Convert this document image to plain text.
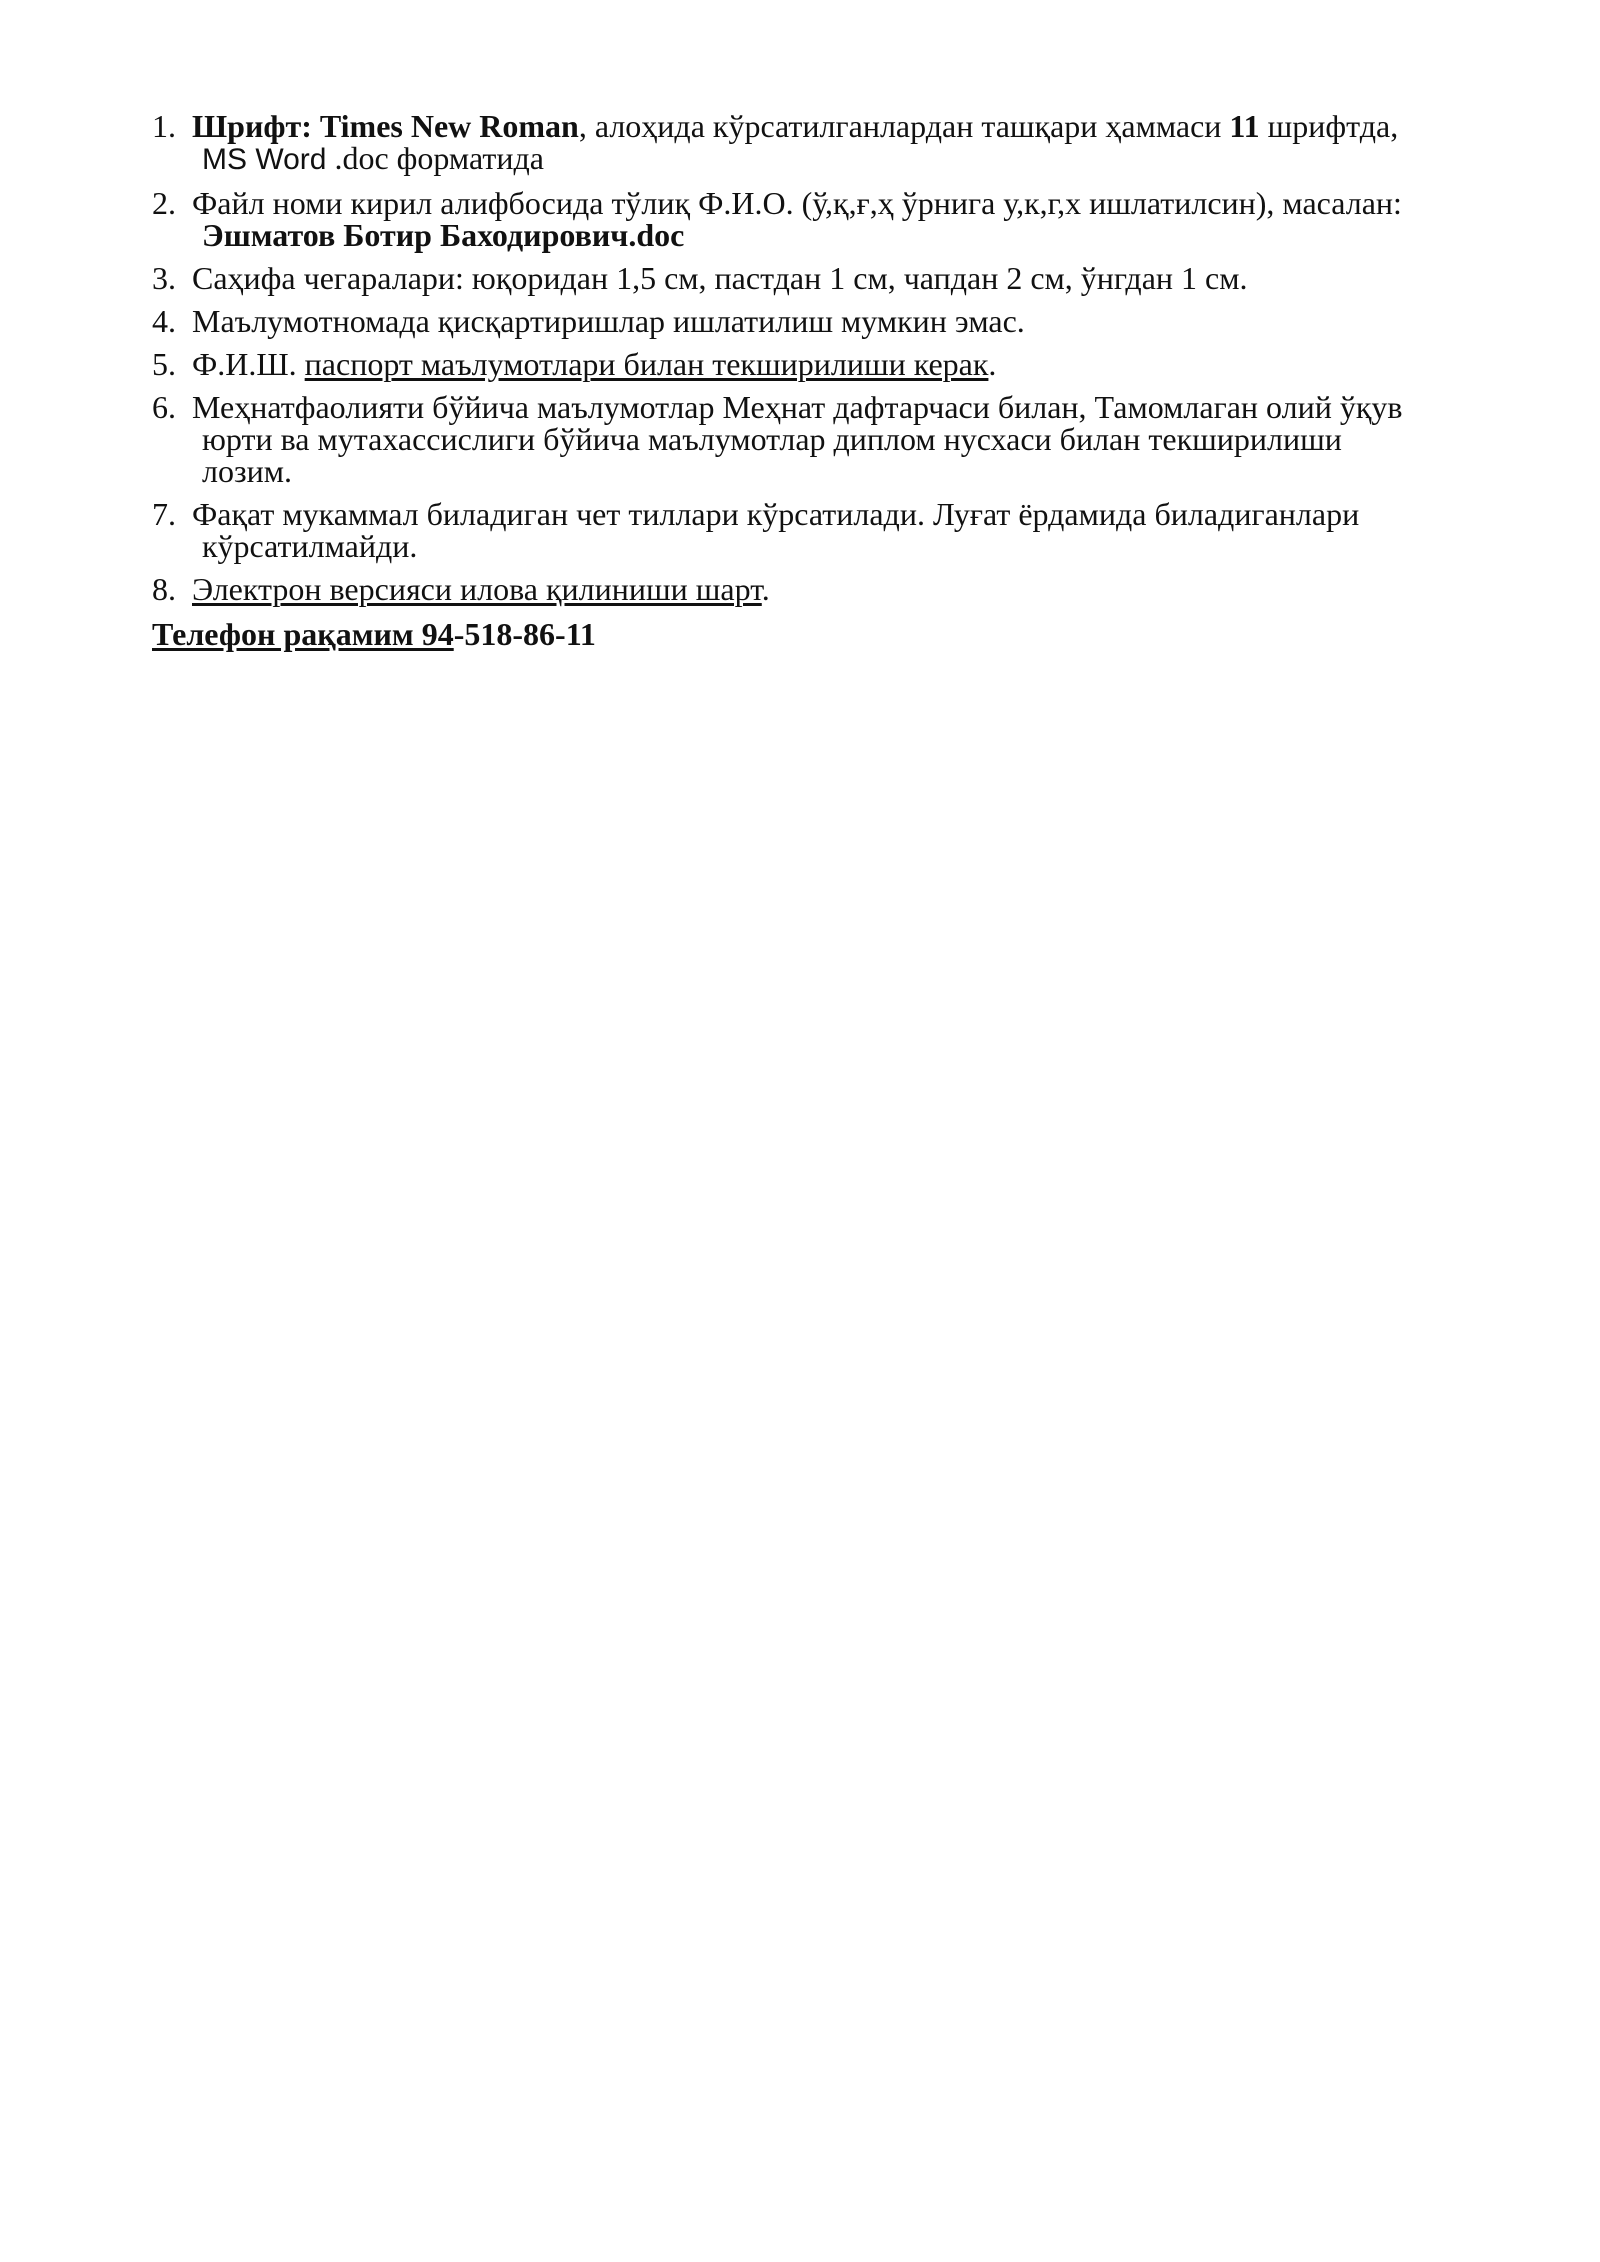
1. Шрифт: Times New Roman, алоҳида кўрсатилганлардан ташқари ҳаммаси 11 шрифтда,
MS Word .doc форматида
2. Файл номи кирил алифбосида тўлиқ Ф.И.О. (ў,қ,ғ,ҳ ўрнига у,к,г,х ишлатилсин), масалан:
Эшматов Ботир Баходирович.doc
3. Саҳифа чегаралари: юқоридан 1,5 см, пастдан 1 см, чапдан 2 см, ўнгдан 1 см.
4. Маълумотномада қисқартиришлар ишлатилиш мумкин эмас.
5. Ф.И.Ш. паспорт маълумотлари билан текширилиши керак.
6. Меҳнатфаолияти бўйича маълумотлар Меҳнат дафтарчаси билан, Тамомлаган олий ўқув
юрти ва мутахассислиги бўйича маълумотлар диплом нусхаси билан текширилиши
лозим.
7. Фақат мукаммал биладиган чет тиллари кўрсатилади. Луғат ёрдамида биладиганлари
кўрсатилмайди.
8. Электрон версияси илова қилиниши шарт.
Телефон рақамим 94-518-86-11
